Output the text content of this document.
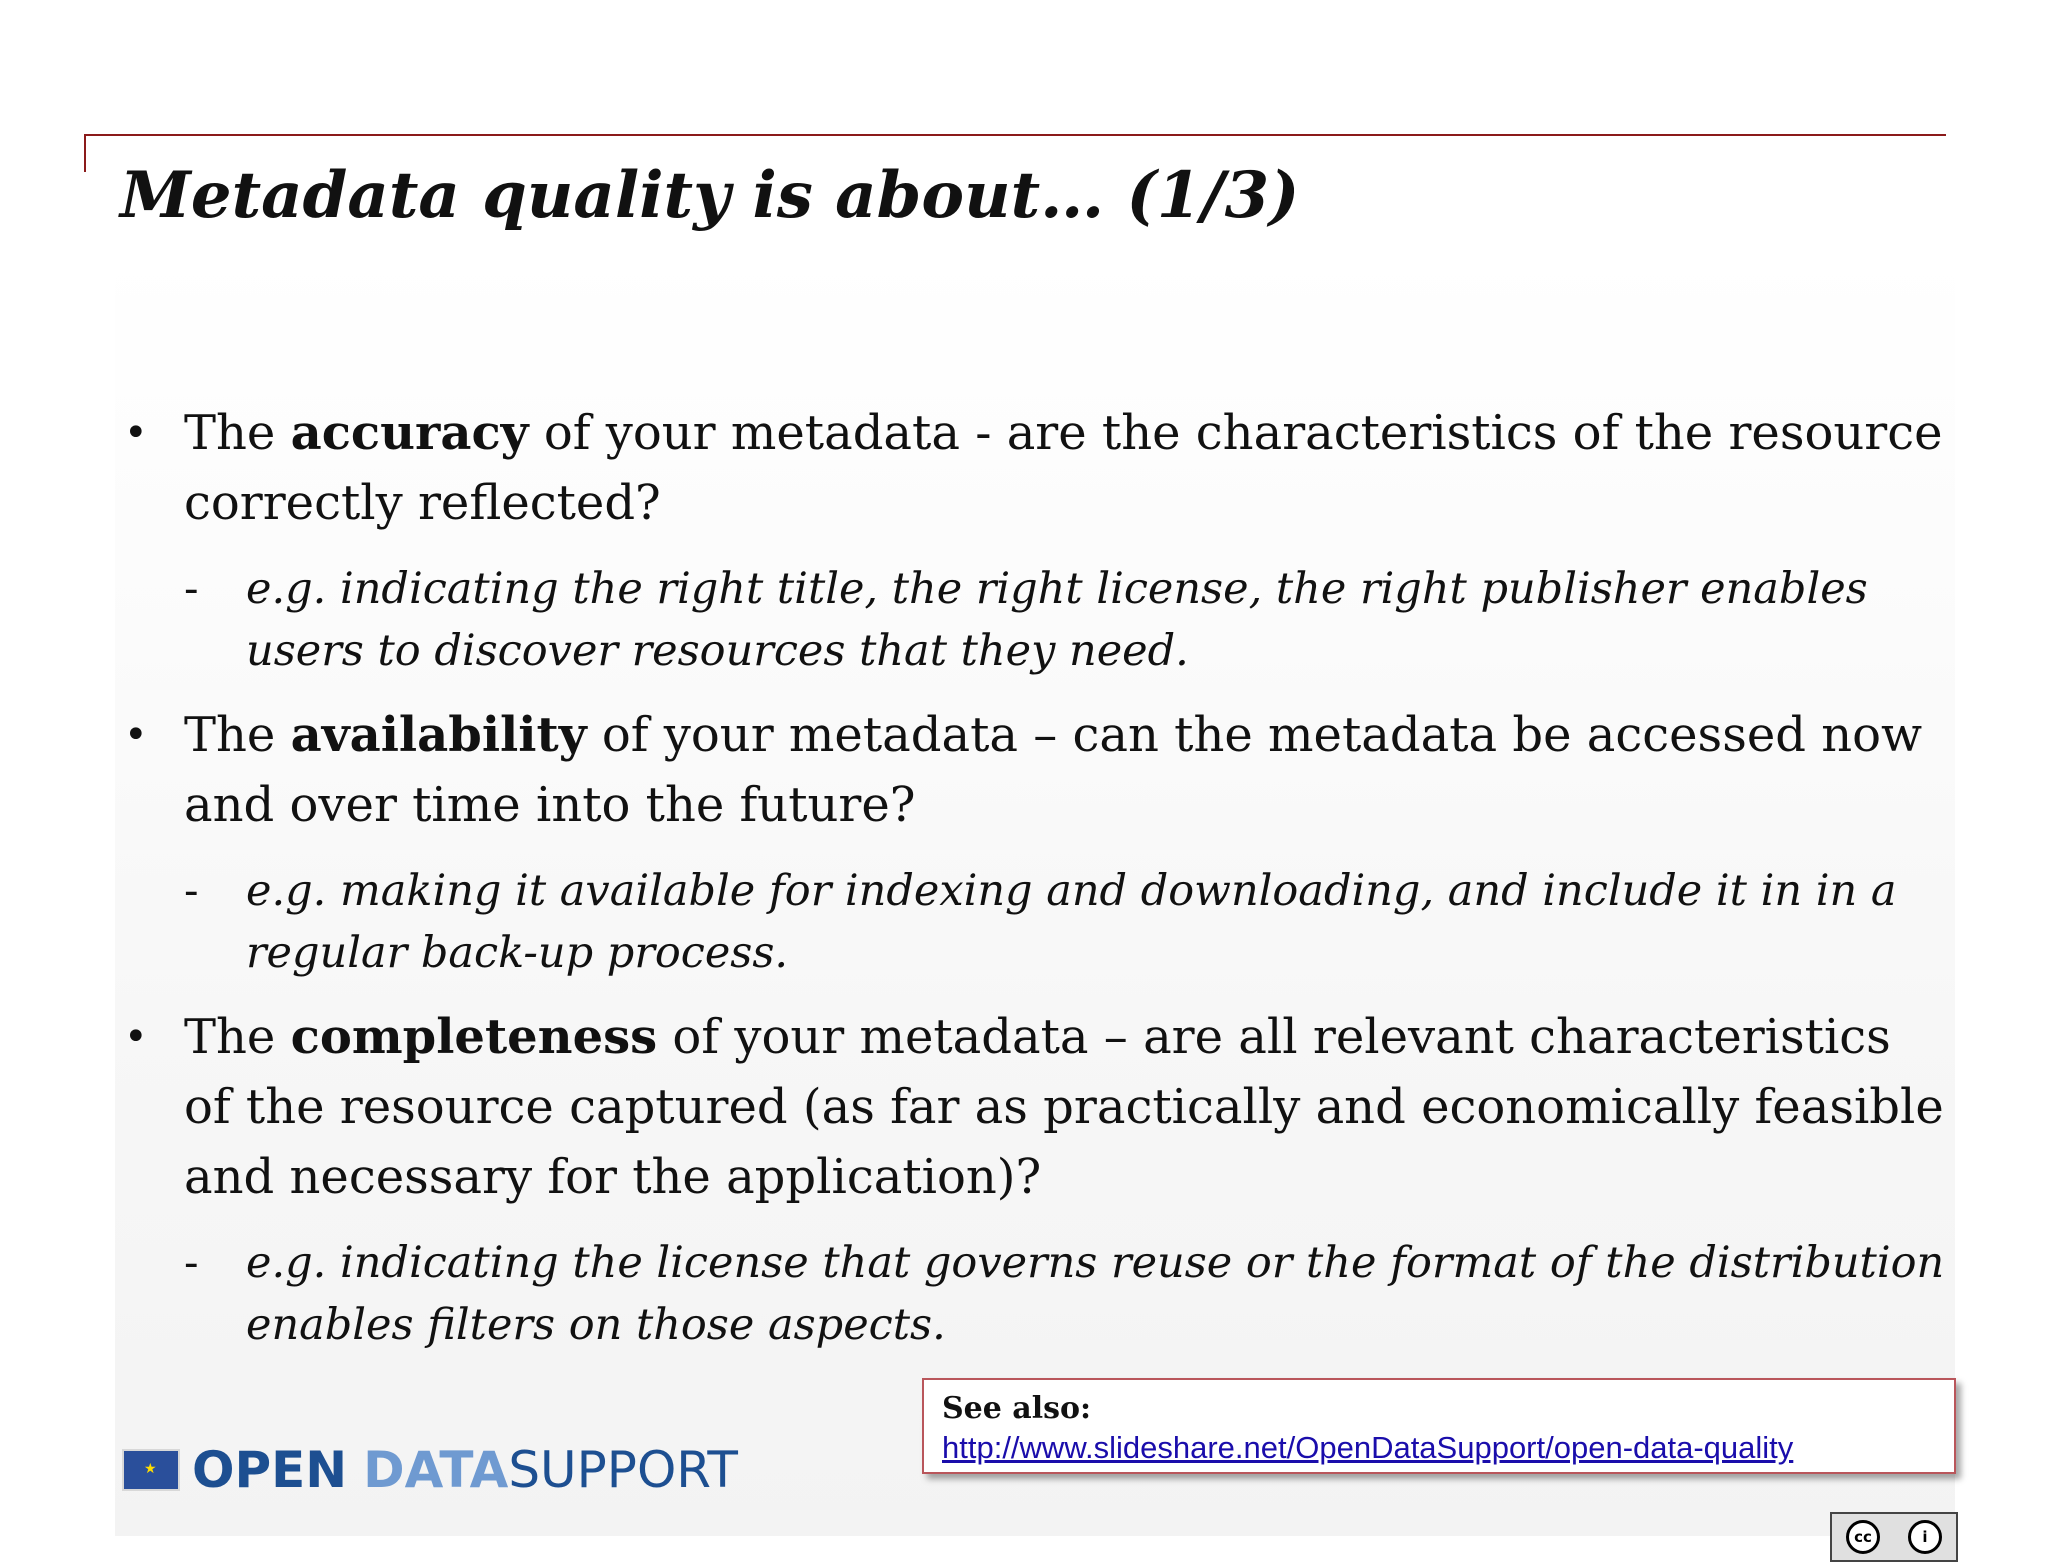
Metadata quality is about… (1/3)
• The accuracy of your metadata - are the characteristics of the resource correctly reflected?
- e.g. indicating the right title, the right license, the right publisher enables users to discover resources that they need.
• The availability of your metadata – can the metadata be accessed now and over time into the future?
- e.g. making it available for indexing and downloading, and include it in in a regular back-up process.
• The completeness of your metadata – are all relevant characteristics of the resource captured (as far as practically and economically feasible and necessary for the application)?
- e.g. indicating the license that governs reuse or the format of the distribution enables filters on those aspects.
★
OPEN DATASUPPORT
See also:
http://www.slideshare.net/OpenDataSupport/open-data-quality
cc	i
